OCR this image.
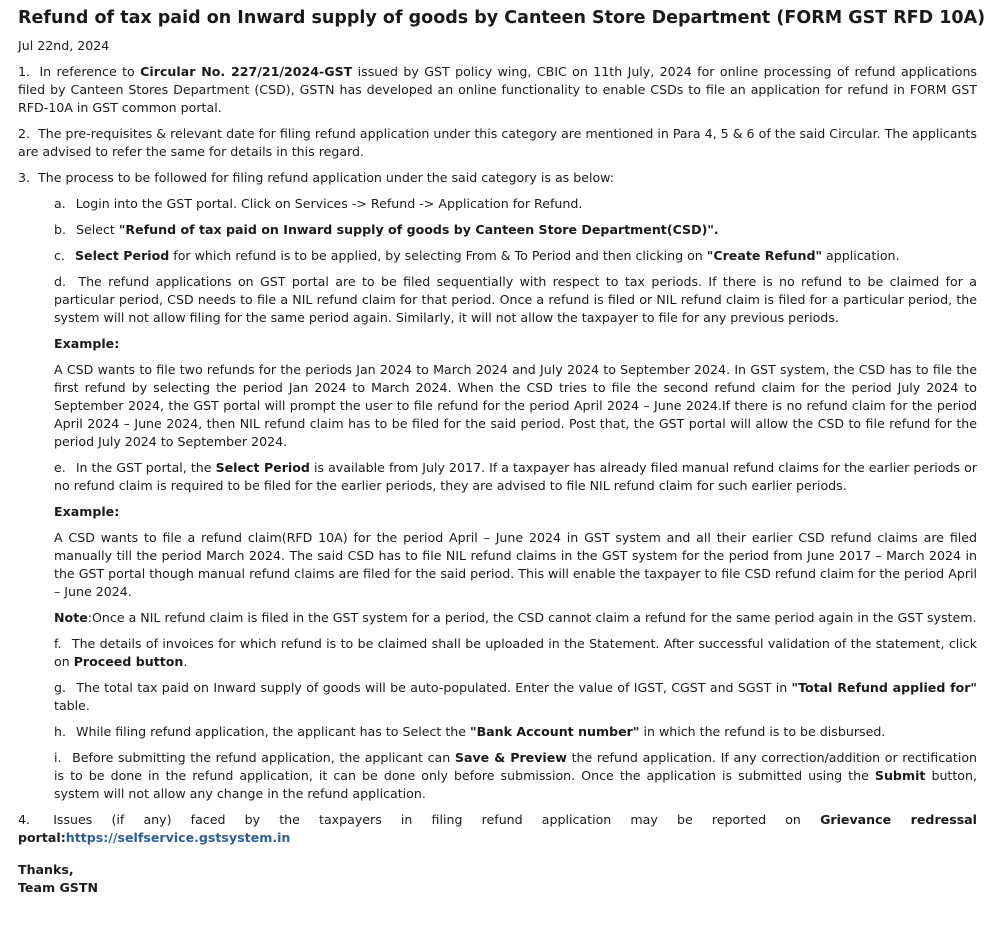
Refund of tax paid on Inward supply of goods by Canteen Store Department (FORM GST RFD 10A)
Jul 22nd, 2024

1. In reference to Circular No. 227/21/2024-GST issued by GST policy wing, CBIC on 11th July, 2024 for online processing of refund applications filed by Canteen Stores Department (CSD), GSTN has developed an online functionality to enable CSDs to file an application for refund in FORM GST RFD-10A in GST common portal.

2. The pre-requisites & relevant date for filing refund application under this category are mentioned in Para 4, 5 & 6 of the said Circular. The applicants are advised to refer the same for details in this regard.

3. The process to be followed for filing refund application under the said category is as below:

a. Login into the GST portal. Click on Services -> Refund -> Application for Refund.

b. Select "Refund of tax paid on Inward supply of goods by Canteen Store Department(CSD)".

c. Select Period for which refund is to be applied, by selecting From & To Period and then clicking on "Create Refund" application.

d. The refund applications on GST portal are to be filed sequentially with respect to tax periods. If there is no refund to be claimed for a particular period, CSD needs to file a NIL refund claim for that period. Once a refund is filed or NIL refund claim is filed for a particular period, the system will not allow filing for the same period again. Similarly, it will not allow the taxpayer to file for any previous periods.

Example:

A CSD wants to file two refunds for the periods Jan 2024 to March 2024 and July 2024 to September 2024. In GST system, the CSD has to file the first refund by selecting the period Jan 2024 to March 2024. When the CSD tries to file the second refund claim for the period July 2024 to September 2024, the GST portal will prompt the user to file refund for the period April 2024 – June 2024.If there is no refund claim for the period April 2024 – June 2024, then NIL refund claim has to be filed for the said period. Post that, the GST portal will allow the CSD to file refund for the period July 2024 to September 2024.

e. In the GST portal, the Select Period is available from July 2017. If a taxpayer has already filed manual refund claims for the earlier periods or no refund claim is required to be filed for the earlier periods, they are advised to file NIL refund claim for such earlier periods.

Example:

A CSD wants to file a refund claim(RFD 10A) for the period April – June 2024 in GST system and all their earlier CSD refund claims are filed manually till the period March 2024. The said CSD has to file NIL refund claims in the GST system for the period from June 2017 – March 2024 in the GST portal though manual refund claims are filed for the said period. This will enable the taxpayer to file CSD refund claim for the period April – June 2024.

Note:Once a NIL refund claim is filed in the GST system for a period, the CSD cannot claim a refund for the same period again in the GST system.

f. The details of invoices for which refund is to be claimed shall be uploaded in the Statement. After successful validation of the statement, click on Proceed button.

g. The total tax paid on Inward supply of goods will be auto-populated. Enter the value of IGST, CGST and SGST in "Total Refund applied for" table.

h. While filing refund application, the applicant has to Select the "Bank Account number" in which the refund is to be disbursed.

i. Before submitting the refund application, the applicant can Save & Preview the refund application. If any correction/addition or rectification is to be done in the refund application, it can be done only before submission. Once the application is submitted using the Submit button, system will not allow any change in the refund application.

4. Issues (if any) faced by the taxpayers in filing refund application may be reported on Grievance redressal

portal:https://selfservice.gstsystem.in

Thanks,

Team GSTN
